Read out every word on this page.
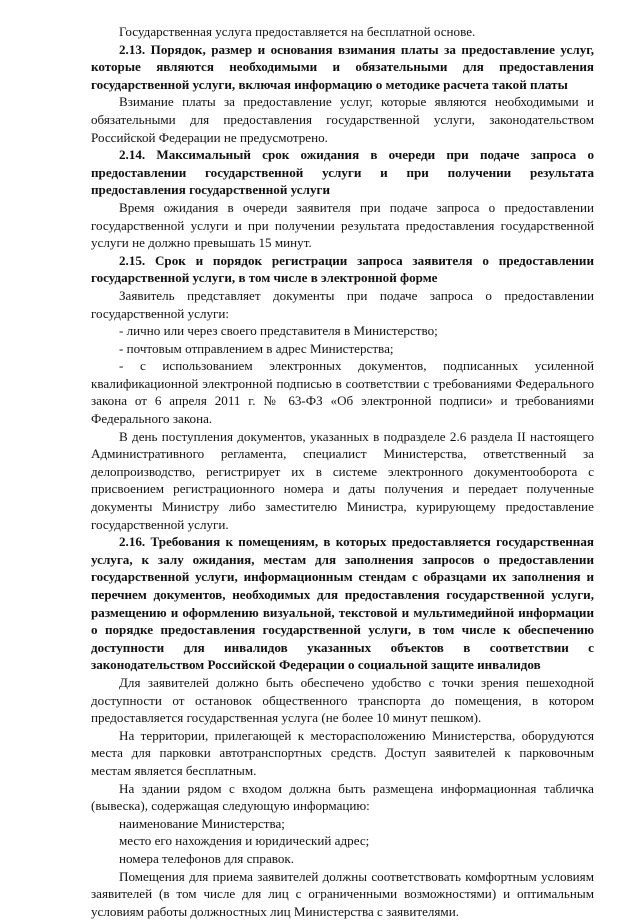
Государственная услуга предоставляется на бесплатной основе.

2.13. Порядок, размер и основания взимания платы за предоставление услуг, которые являются необходимыми и обязательными для предоставления государственной услуги, включая информацию о методике расчета такой платы

Взимание платы за предоставление услуг, которые являются необходимыми и обязательными для предоставления государственной услуги, законодательством Российской Федерации не предусмотрено.

2.14. Максимальный срок ожидания в очереди при подаче запроса о предоставлении государственной услуги и при получении результата предоставления государственной услуги

Время ожидания в очереди заявителя при подаче запроса о предоставлении государственной услуги и при получении результата предоставления государственной услуги не должно превышать 15 минут.

2.15. Срок и порядок регистрации запроса заявителя о предоставлении государственной услуги, в том числе в электронной форме

Заявитель представляет документы при подаче запроса о предоставлении государственной услуги:

- лично или через своего представителя в Министерство;

- почтовым отправлением в адрес Министерства;

- с использованием электронных документов, подписанных усиленной квалификационной электронной подписью в соответствии с требованиями Федерального закона от 6 апреля 2011 г. № 63-ФЗ «Об электронной подписи» и требованиями Федерального закона.

В день поступления документов, указанных в подразделе 2.6 раздела II настоящего Административного регламента, специалист Министерства, ответственный за делопроизводство, регистрирует их в системе электронного документооборота с присвоением регистрационного номера и даты получения и передает полученные документы Министру либо заместителю Министра, курирующему предоставление государственной услуги.

2.16. Требования к помещениям, в которых предоставляется государственная услуга, к залу ожидания, местам для заполнения запросов о предоставлении государственной услуги, информационным стендам с образцами их заполнения и перечнем документов, необходимых для предоставления государственной услуги, размещению и оформлению визуальной, текстовой и мультимедийной информации о порядке предоставления государственной услуги, в том числе к обеспечению доступности для инвалидов указанных объектов в соответствии с законодательством Российской Федерации о социальной защите инвалидов

Для заявителей должно быть обеспечено удобство с точки зрения пешеходной доступности от остановок общественного транспорта до помещения, в котором предоставляется государственная услуга (не более 10 минут пешком).

На территории, прилегающей к месторасположению Министерства, оборудуются места для парковки автотранспортных средств. Доступ заявителей к парковочным местам является бесплатным.

На здании рядом с входом должна быть размещена информационная табличка (вывеска), содержащая следующую информацию:

наименование Министерства;

место его нахождения и юридический адрес;

номера телефонов для справок.

Помещения для приема заявителей должны соответствовать комфортным условиям заявителей (в том числе для лиц с ограниченными возможностями) и оптимальным условиям работы должностных лиц Министерства с заявителями.
